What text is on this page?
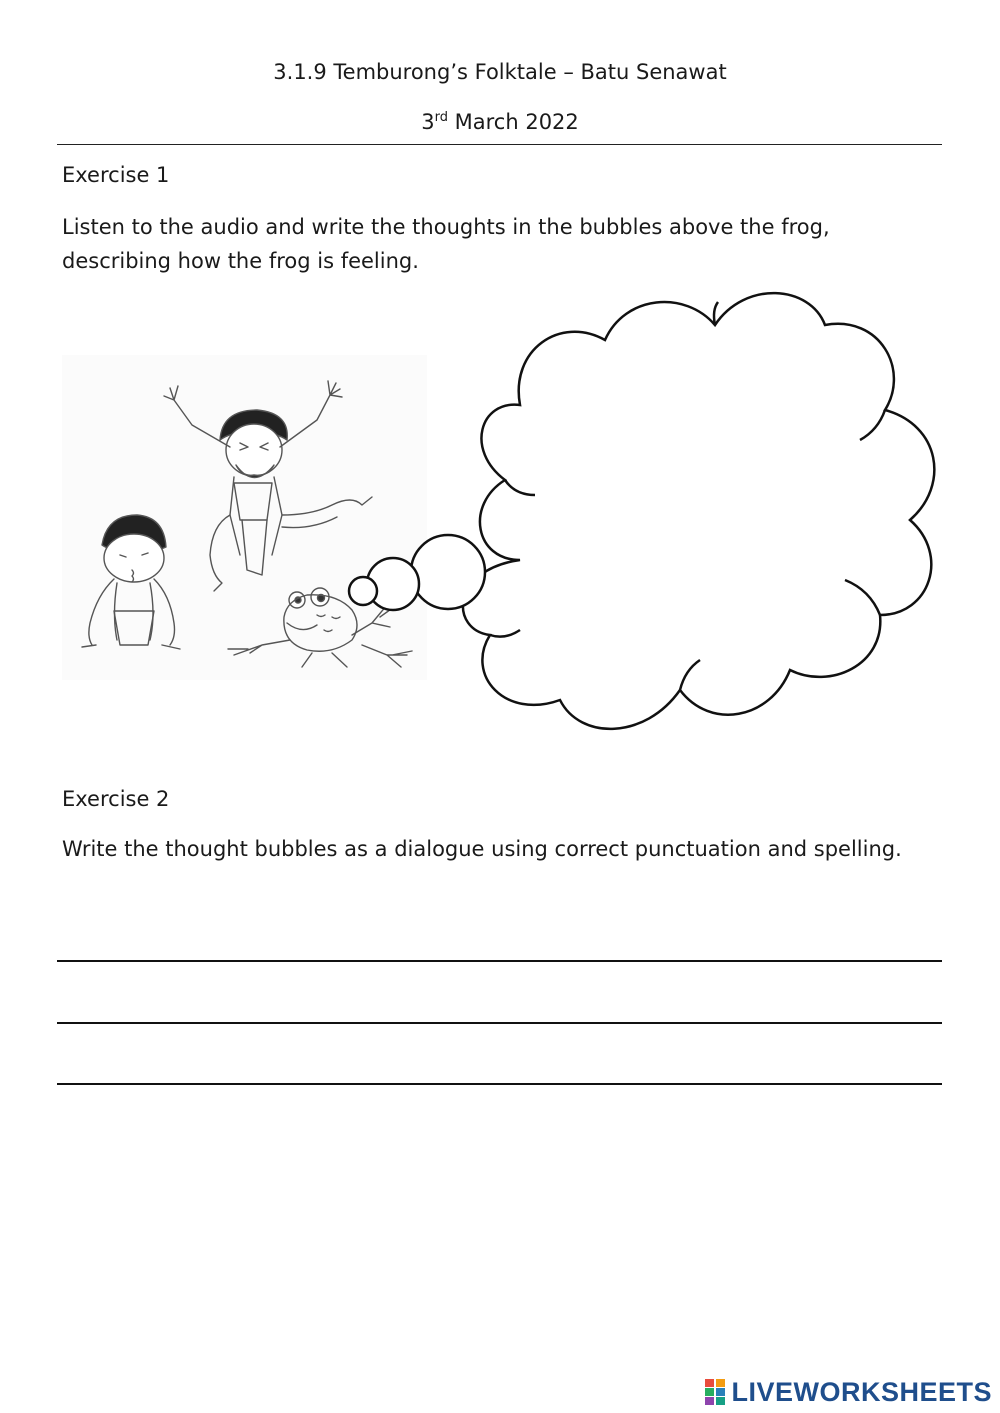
3.1.9 Temburong’s Folktale – Batu Senawat
3rd March 2022
Exercise 1
Listen to the audio and write the thoughts in the bubbles above the frog,
describing how the frog is feeling.
Exercise 2
Write the thought bubbles as a dialogue using correct punctuation and spelling.
LIVEWORKSHEETS
